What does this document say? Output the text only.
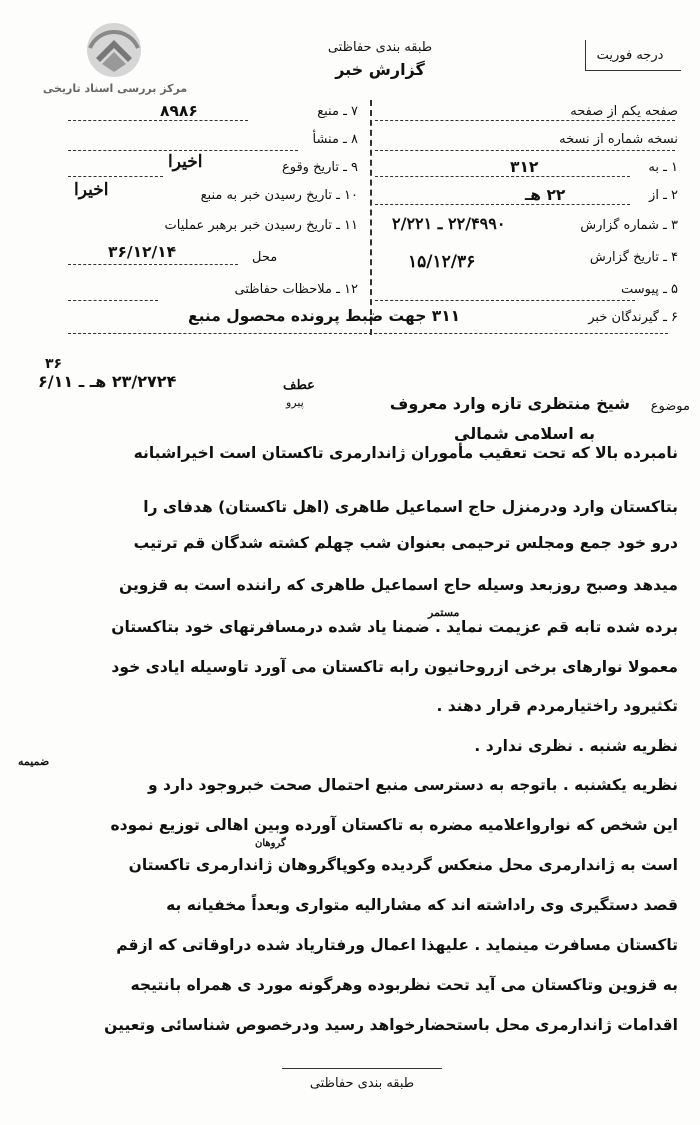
مرکز بررسی اسناد تاریخی
طبقه بندی حفاظتی
گزارش خبر
درجه فوریت
صفحه یکم از صفحه
نسخه شماره از نسخه
۱ ـ به
۳۱۲
۲ ـ از
۲۲ هـ
۳ ـ شماره گزارش
۲۲/۴۹۹۰ ـ ۲/۲۲۱
۴ ـ تاریخ گزارش
۱۵/۱۲/۳۶
۵ ـ پیوست
۶ ـ گیرندگان خبر
۳۱۱ جهت ضبط پرونده محصول منبع
۷ ـ منبع
۸۹۸۶
۸ ـ منشأ
۹ ـ تاریخ وقوع
اخیرا
۱۰ ـ تاریخ رسیدن خبر به منبع
اخیرا
۱۱ ـ تاریخ رسیدن خبر برهبر عملیات
محل
۳۶/۱۲/۱۴
۱۲ ـ ملاحظات حفاظتی
۳۶
۲۳/۲۷۲۴ هـ ـ ۶/۱۱	عطف
پیرو	موضوع
شیخ منتظری تازه وارد معروف
به اسلامی شمالی
نامبرده بالا که تحت تعقیب مأموران ژاندارمری تاکستان است اخیراشبانه
بتاکستان وارد ودرمنزل حاج اسماعیل طاهری (اهل تاکستان) هدفای را
درو خود جمع ومجلس ترحیمی بعنوان شب چهلم کشته شدگان قم ترتیب
میدهد وصبح روزبعد وسیله حاج اسماعیل طاهری که راننده است به قزوین
مستمر
برده شده تابه قم عزیمت نماید . ضمنا یاد شده درمسافرتهای خود بتاکستان
معمولا نوارهای برخی ازروحانیون رابه تاکستان می آورد تاوسیله ایادی خود
تکثیرود راختیارمردم قرار دهند .
نظریه شنبه . نظری ندارد .
ضمیمه
نظریه یکشنبه . باتوجه به دسترسی منبع احتمال صحت خبروجود دارد و
این شخص که نوارواعلامیه مضره به تاکستان آورده وبین اهالی توزیع نموده
گروهان
است به ژاندارمری محل منعکس گردیده وکوپاگروهان ژاندارمری تاکستان
قصد دستگیری وی راداشته اند که مشارالیه متواری وبعداً مخفیانه به
تاکستان مسافرت مینماید . علیهذا اعمال ورفتاریاد شده دراوقاتی که ازقم
به قزوین وتاکستان می آید تحت نظربوده وهرگونه مورد ی همراه بانتیجه
اقدامات ژاندارمری محل باستحضارخواهد رسید ودرخصوص شناسائی وتعیین
طبقه بندی حفاظتی
